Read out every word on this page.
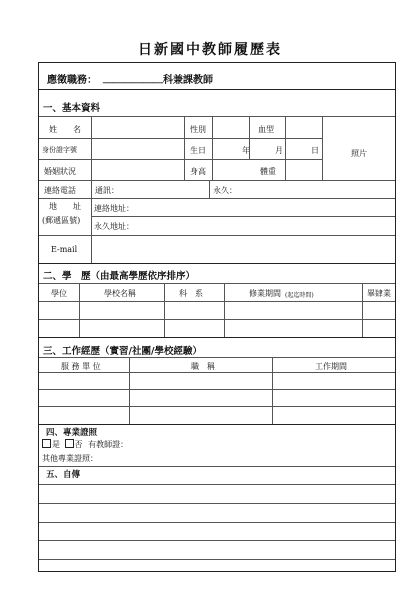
日新國中教師履歷表
應徵職務： ＿＿＿＿＿＿ 科兼課教師
一、基本資料
姓　　名	性別	血型
身份證字號	生日	年	月	日	照片
婚姻狀況	身高	體重
連絡電話 通訊：	永久：
地　　址
(郵遞區號)
連絡地址：
永久地址：
E-mail
二、學　歷（由最高學歷依序排序）
學位	學校名稱	科　系	修業期間 (起迄時間)	畢肄業
三、工作經歷（實習/社團/學校經驗）
服 務 單 位	職　稱	工作期間
四、專業證照
是 否 有教師證：
其他專業證照：
五、自傳
